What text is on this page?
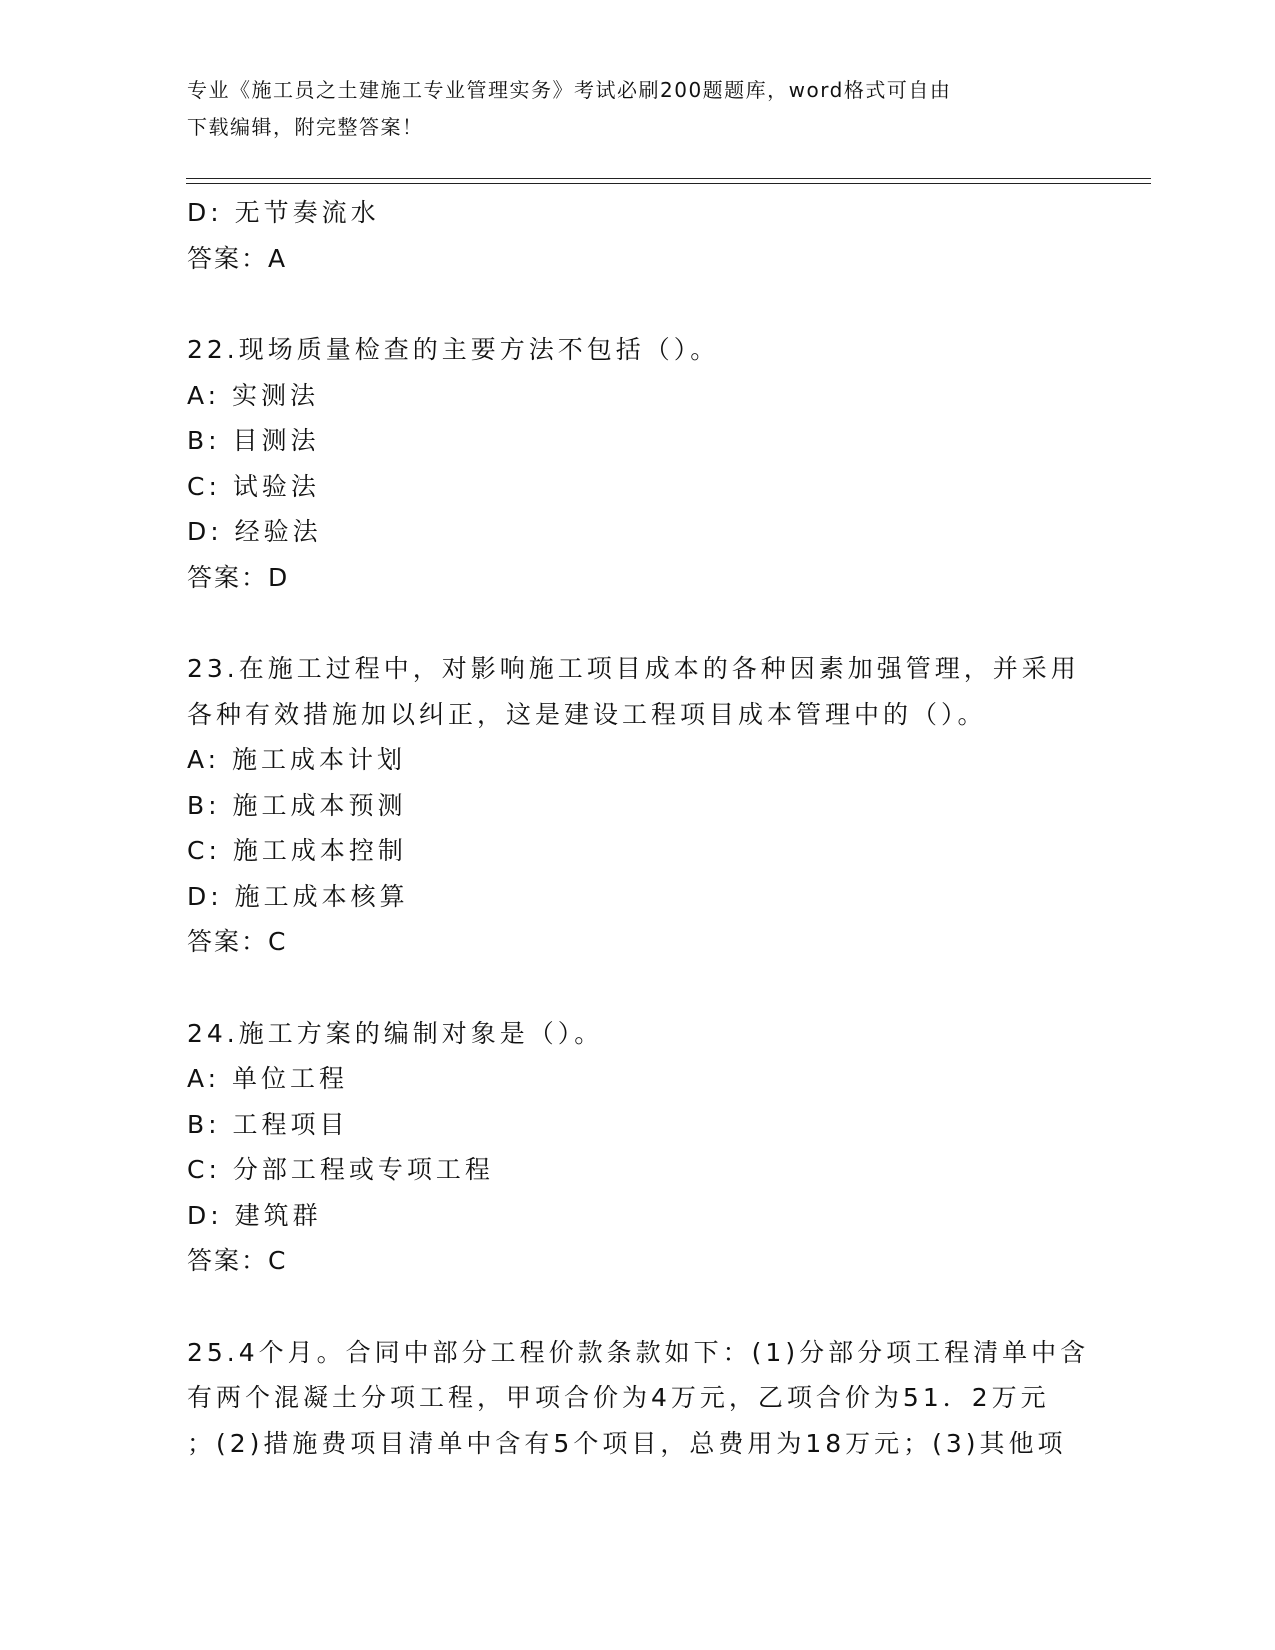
专业《施工员之土建施工专业管理实务》考试必刷200题题库，word格式可自由
下载编辑，附完整答案！
D: 无节奏流水
答案：A
22.现场质量检查的主要方法不包括（）。
A: 实测法
B: 目测法
C: 试验法
D: 经验法
答案：D
23.在施工过程中，对影响施工项目成本的各种因素加强管理，并采用
各种有效措施加以纠正，这是建设工程项目成本管理中的（）。
A: 施工成本计划
B: 施工成本预测
C: 施工成本控制
D: 施工成本核算
答案：C
24.施工方案的编制对象是（）。
A: 单位工程
B: 工程项目
C: 分部工程或专项工程
D: 建筑群
答案：C
25.4个月。合同中部分工程价款条款如下：(1)分部分项工程清单中含
有两个混凝土分项工程，甲项合价为4万元，乙项合价为51．2万元
；(2)措施费项目清单中含有5个项目，总费用为18万元；(3)其他项
